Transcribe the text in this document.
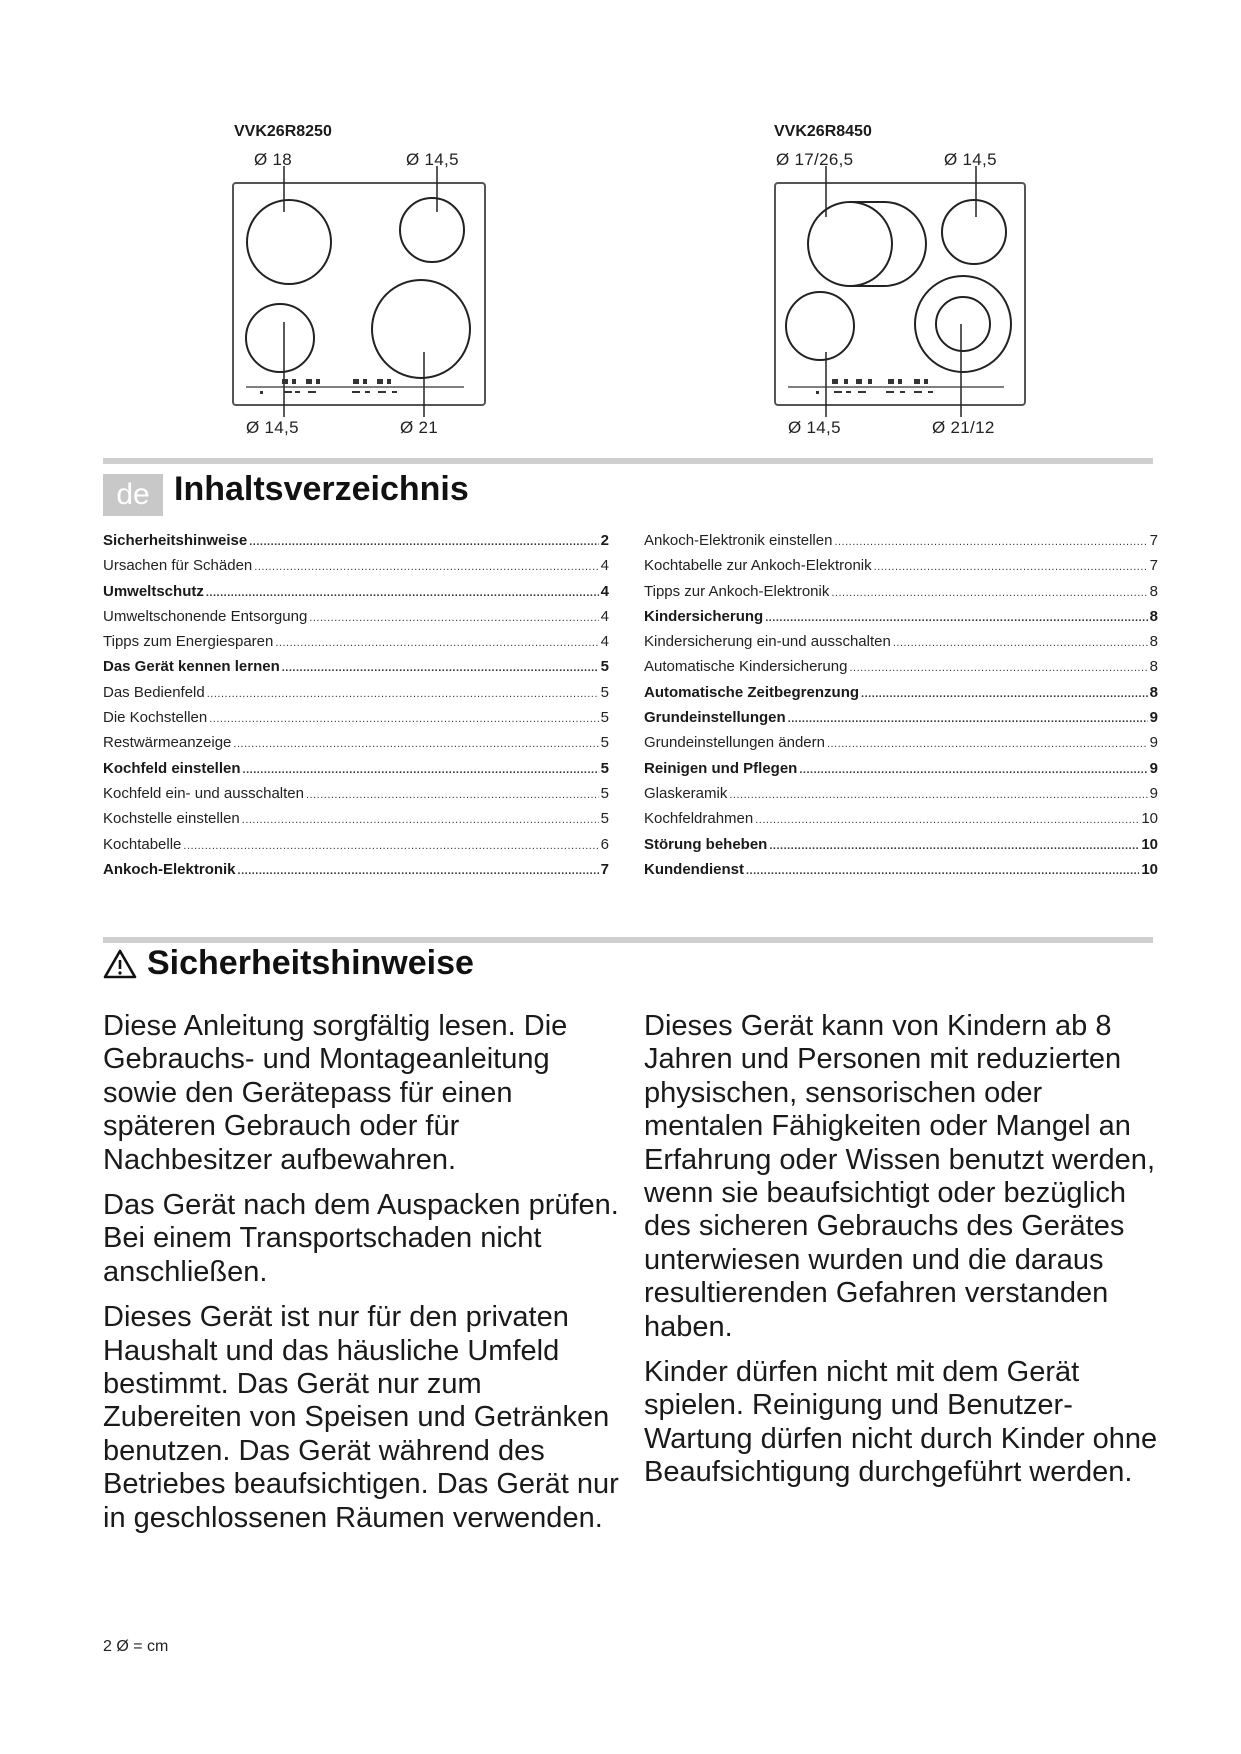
VVK26R8250
Ø 18	Ø 14,5
Ø 14,5	Ø 21
VVK26R8450
Ø 17/26,5	Ø 14,5
Ø 14,5	Ø 21/12
de Inhaltsverzeichnis
Sicherheitshinweise .....	2
Ursachen für Schäden .....	4
Umweltschutz .....	4
Umweltschonende Entsorgung .....	4
Tipps zum Energiesparen .....	4
Das Gerät kennen lernen .....	5
Das Bedienfeld .....	5
Die Kochstellen .....	5
Restwärmeanzeige .....	5
Kochfeld einstellen .....	5
Kochfeld ein- und ausschalten .....	5
Kochstelle einstellen .....	5
Kochtabelle .....	6
Ankoch-Elektronik .....	7
Ankoch-Elektronik einstellen .....	7
Kochtabelle zur Ankoch-Elektronik .....	7
Tipps zur Ankoch-Elektronik .....	8
Kindersicherung .....	8
Kindersicherung ein-und ausschalten .....	8
Automatische Kindersicherung .....	8
Automatische Zeitbegrenzung .....	8
Grundeinstellungen .....	9
Grundeinstellungen ändern .....	9
Reinigen und Pflegen .....	9
Glaskeramik .....	9
Kochfeldrahmen .....	10
Störung beheben .....	10
Kundendienst .....	10
Sicherheitshinweise

Diese Anleitung sorgfältig lesen. Die Gebrauchs- und Montageanleitung sowie den Gerätepass für einen späteren Gebrauch oder für Nachbesitzer aufbewahren.

Das Gerät nach dem Auspacken prüfen. Bei einem Transportschaden nicht anschließen.

Dieses Gerät ist nur für den privaten Haushalt und das häusliche Umfeld bestimmt. Das Gerät nur zum Zubereiten von Speisen und Getränken benutzen. Das Gerät während des Betriebes beaufsichtigen. Das Gerät nur in geschlossenen Räumen verwenden.

Dieses Gerät kann von Kindern ab 8 Jahren und Personen mit reduzierten physischen, sensorischen oder mentalen Fähigkeiten oder Mangel an Erfahrung oder Wissen benutzt werden, wenn sie beaufsichtigt oder bezüglich des sicheren Gebrauchs des Gerätes unterwiesen wurden und die daraus resultierenden Gefahren verstanden haben.

Kinder dürfen nicht mit dem Gerät spielen. Reinigung und BenutzerWartung dürfen nicht durch Kinder ohne Beaufsichtigung durchgeführt werden.

2 Ø = cm
